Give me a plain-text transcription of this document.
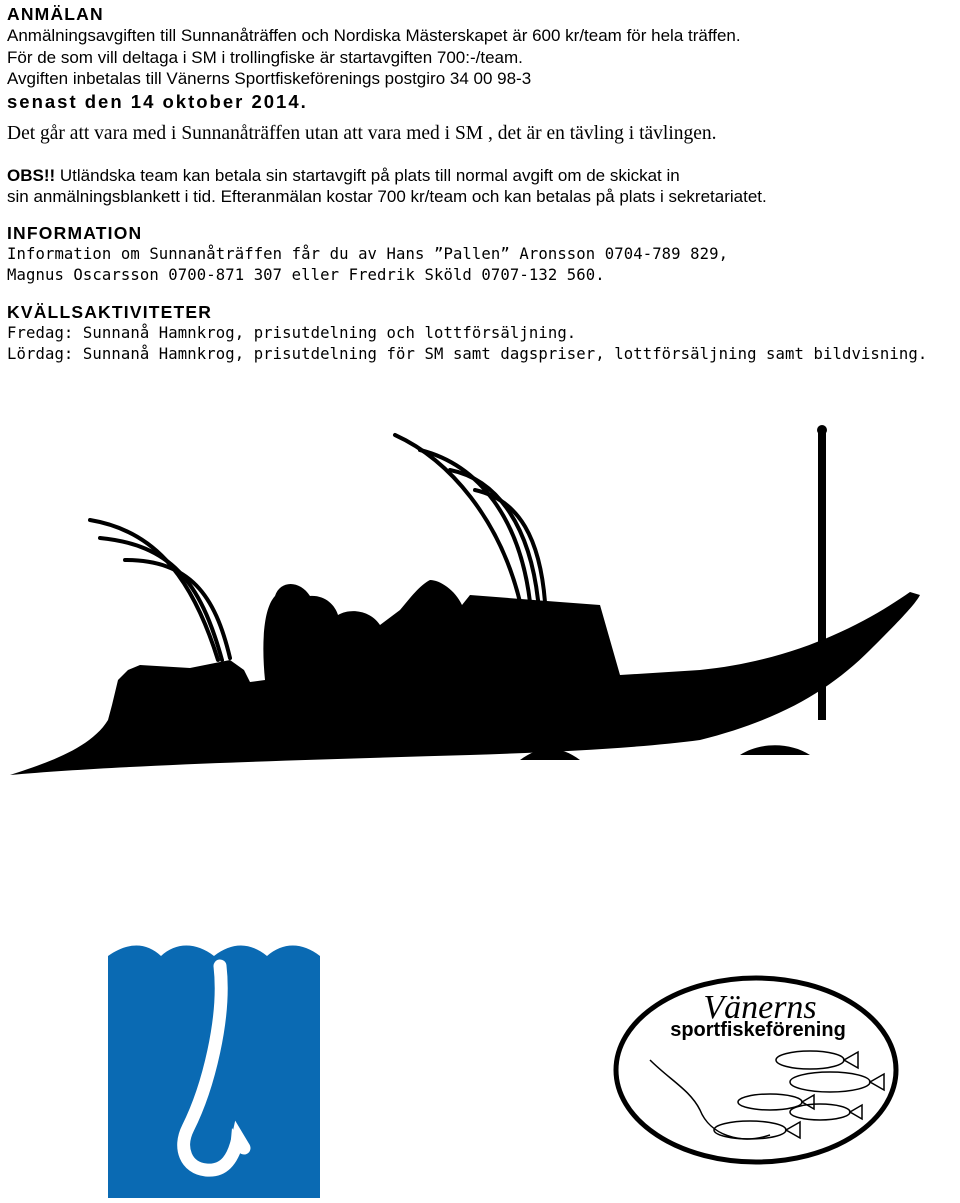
ANMÄLAN
Anmälningsavgiften till Sunnanåträffen och Nordiska Mästerskapet är 600 kr/team för hela träffen.
För de som vill deltaga i SM i trollingfiske är startavgiften 700:-/team.
Avgiften inbetalas till Vänerns Sportfiskeförenings postgiro 34 00 98-3
senast den 14 oktober 2014.
Det går att vara med i Sunnanåträffen utan att vara med i SM , det är en tävling i tävlingen.
OBS!! Utländska team kan betala sin startavgift på plats till normal avgift om de skickat in
sin anmälningsblankett i tid. Efteranmälan kostar 700 kr/team och kan betalas på plats i sekretariatet.
INFORMATION
Information om Sunnanåträffen får du av Hans ”Pallen” Aronsson 0704-789 829,
Magnus Oscarsson 0700-871 307 eller Fredrik Sköld 0707-132 560.
KVÄLLSAKTIVITETER
Fredag: Sunnanå Hamnkrog, prisutdelning och lottförsäljning.
Lördag: Sunnanå Hamnkrog, prisutdelning för SM samt dagspriser, lottförsäljning samt bildvisning.
Vänerns
sportfiskeförening
